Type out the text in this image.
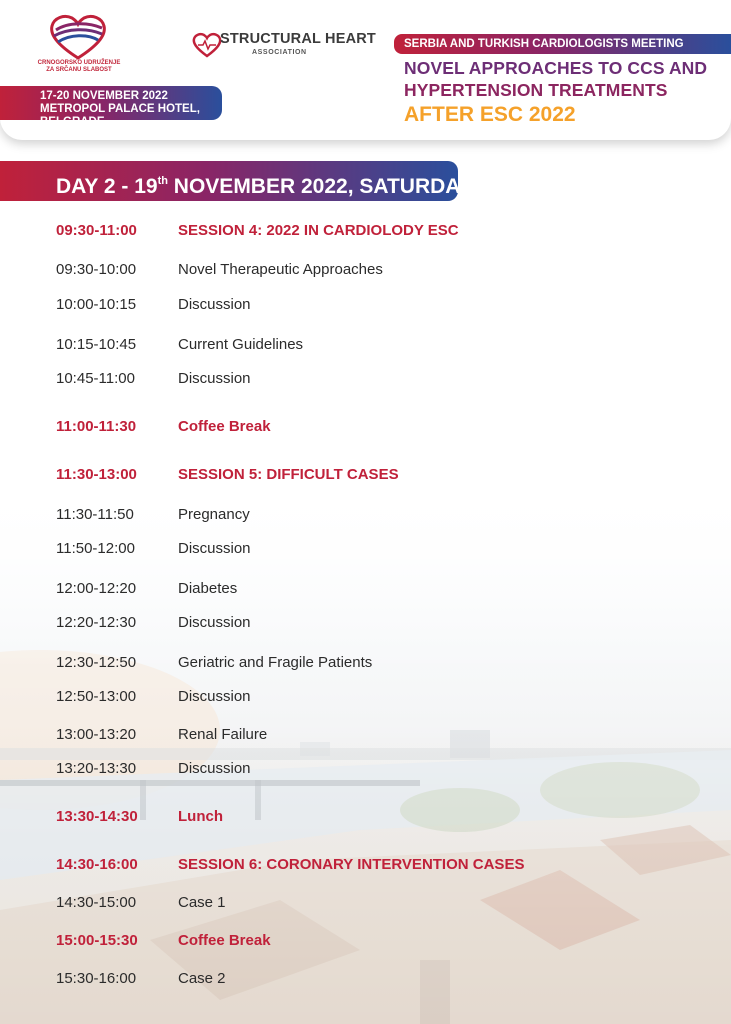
CRNOGORSKO UDRUŽENJE
ZA SRČANU SLABOST
17-20 NOVEMBER 2022
METROPOL PALACE HOTEL, BELGRADE
STRUCTURAL HEART
ASSOCIATION
SERBIA AND TURKISH CARDIOLOGISTS MEETING
NOVEL APPROACHES TO CCS AND
HYPERTENSION TREATMENTS
AFTER ESC 2022
DAY 2 - 19th NOVEMBER 2022, SATURDAY
09:30-11:00	SESSION 4: 2022 IN CARDIOLODY ESC
09:30-10:00	Novel Therapeutic Approaches
10:00-10:15	Discussion
10:15-10:45	Current Guidelines
10:45-11:00	Discussion
11:00-11:30	Coffee Break
11:30-13:00	SESSION 5: DIFFICULT CASES
11:30-11:50	Pregnancy
11:50-12:00	Discussion
12:00-12:20	Diabetes
12:20-12:30	Discussion
12:30-12:50	Geriatric and Fragile Patients
12:50-13:00	Discussion
13:00-13:20	Renal Failure
13:20-13:30	Discussion
13:30-14:30	Lunch
14:30-16:00	SESSION 6: CORONARY INTERVENTION CASES
14:30-15:00	Case 1
15:00-15:30	Coffee Break
15:30-16:00	Case 2
